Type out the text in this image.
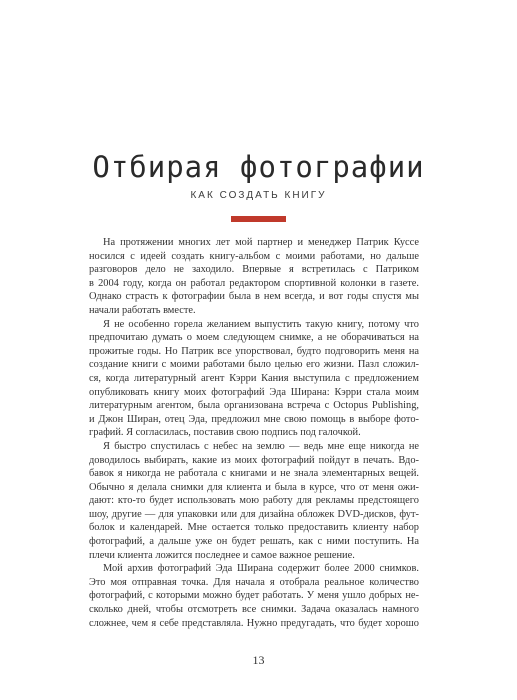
Отбирая фотографии
КАК СОЗДАТЬ КНИГУ
На протяжении многих лет мой партнер и менеджер Патрик Куссе
носился с идеей создать книгу-альбом с моими работами, но дальше
разговоров дело не заходило. Впервые я встретилась с Патриком
в 2004 году, когда он работал редактором спортивной колонки в газете.
Однако страсть к фотографии была в нем всегда, и вот годы спустя мы
начали работать вместе.
Я не особенно горела желанием выпустить такую книгу, потому что
предпочитаю думать о моем следующем снимке, а не оборачиваться на
прожитые годы. Но Патрик все упорствовал, будто подговорить меня на
создание книги с моими работами было целью его жизни. Пазл сложил-
ся, когда литературный агент Кэрри Кания выступила с предложением
опубликовать книгу моих фотографий Эда Ширана: Кэрри стала моим
литературным агентом, была организована встреча с Octopus Publishing,
и Джон Ширан, отец Эда, предложил мне свою помощь в выборе фото-
графий. Я согласилась, поставив свою подпись под галочкой.
Я быстро спустилась с небес на землю — ведь мне еще никогда не
доводилось выбирать, какие из моих фотографий пойдут в печать. Вдо-
бавок я никогда не работала с книгами и не знала элементарных вещей.
Обычно я делала снимки для клиента и была в курсе, что от меня ожи-
дают: кто-то будет использовать мою работу для рекламы предстоящего
шоу, другие — для упаковки или для дизайна обложек DVD-дисков, фут-
болок и календарей. Мне остается только предоставить клиенту набор
фотографий, а дальше уже он будет решать, как с ними поступить. На
плечи клиента ложится последнее и самое важное решение.
Мой архив фотографий Эда Ширана содержит более 2000 снимков.
Это моя отправная точка. Для начала я отобрала реальное количество
фотографий, с которыми можно будет работать. У меня ушло добрых не-
сколько дней, чтобы отсмотреть все снимки. Задача оказалась намного
сложнее, чем я себе представляла. Нужно предугадать, что будет хорошо
13
